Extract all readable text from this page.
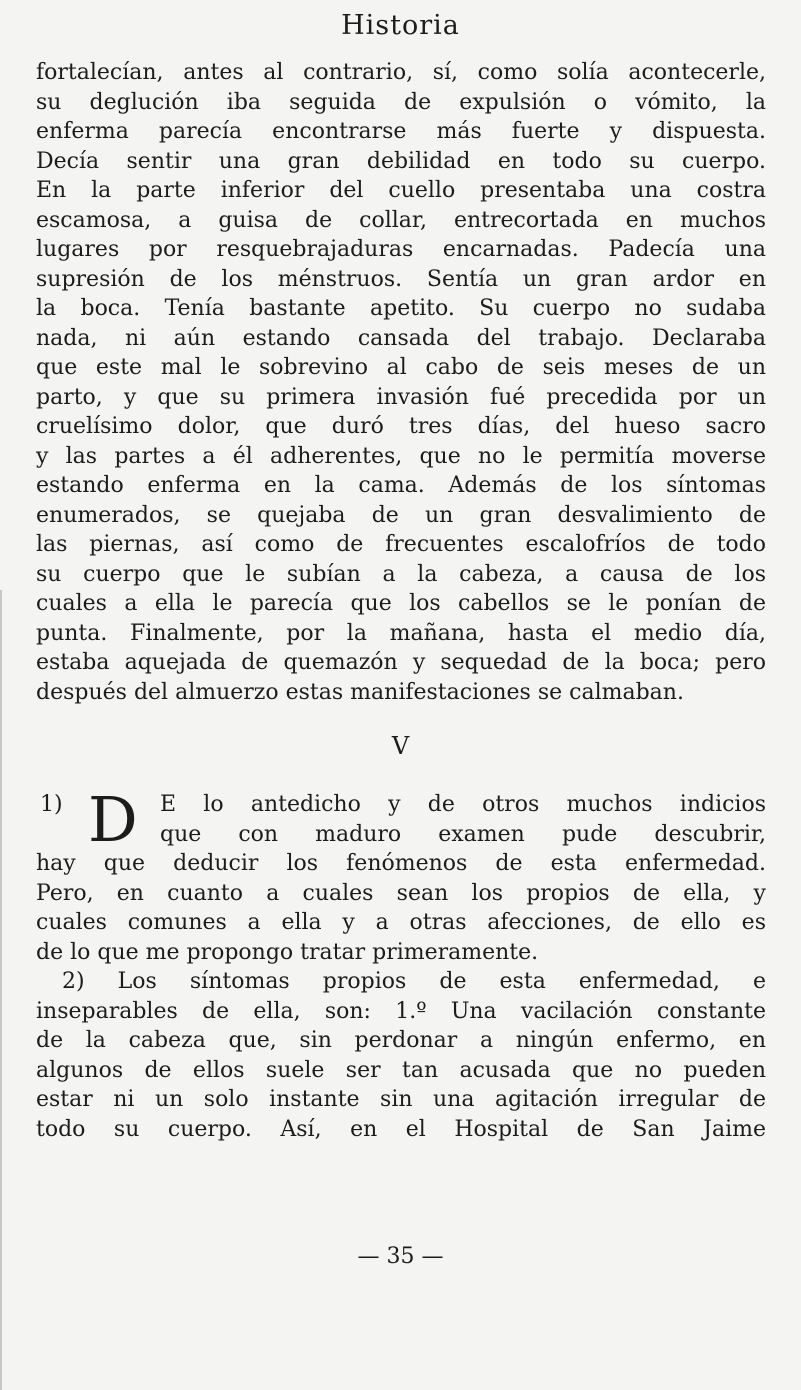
Historia
fortalecían, antes al contrario, sí, como solía acontecerle,
su deglución iba seguida de expulsión o vómito, la
enferma parecía encontrarse más fuerte y dispuesta.
Decía sentir una gran debilidad en todo su cuerpo.
En la parte inferior del cuello presentaba una costra
escamosa, a guisa de collar, entrecortada en muchos
lugares por resquebrajaduras encarnadas. Padecía una
supresión de los ménstruos. Sentía un gran ardor en
la boca. Tenía bastante apetito. Su cuerpo no sudaba
nada, ni aún estando cansada del trabajo. Declaraba
que este mal le sobrevino al cabo de seis meses de un
parto, y que su primera invasión fué precedida por un
cruelísimo dolor, que duró tres días, del hueso sacro
y las partes a él adherentes, que no le permitía moverse
estando enferma en la cama. Además de los síntomas
enumerados, se quejaba de un gran desvalimiento de
las piernas, así como de frecuentes escalofríos de todo
su cuerpo que le subían a la cabeza, a causa de los
cuales a ella le parecía que los cabellos se le ponían de
punta. Finalmente, por la mañana, hasta el medio día,
estaba aquejada de quemazón y sequedad de la boca; pero
después del almuerzo estas manifestaciones se calmaban.
V
1) D E lo antedicho y de otros muchos indicios
que con maduro examen pude descubrir,
hay que deducir los fenómenos de esta enfermedad.
Pero, en cuanto a cuales sean los propios de ella, y
cuales comunes a ella y a otras afecciones, de ello es
de lo que me propongo tratar primeramente.
2) Los síntomas propios de esta enfermedad, e
inseparables de ella, son: 1.º Una vacilación constante
de la cabeza que, sin perdonar a ningún enfermo, en
algunos de ellos suele ser tan acusada que no pueden
estar ni un solo instante sin una agitación irregular de
todo su cuerpo. Así, en el Hospital de San Jaime
— 35 —
